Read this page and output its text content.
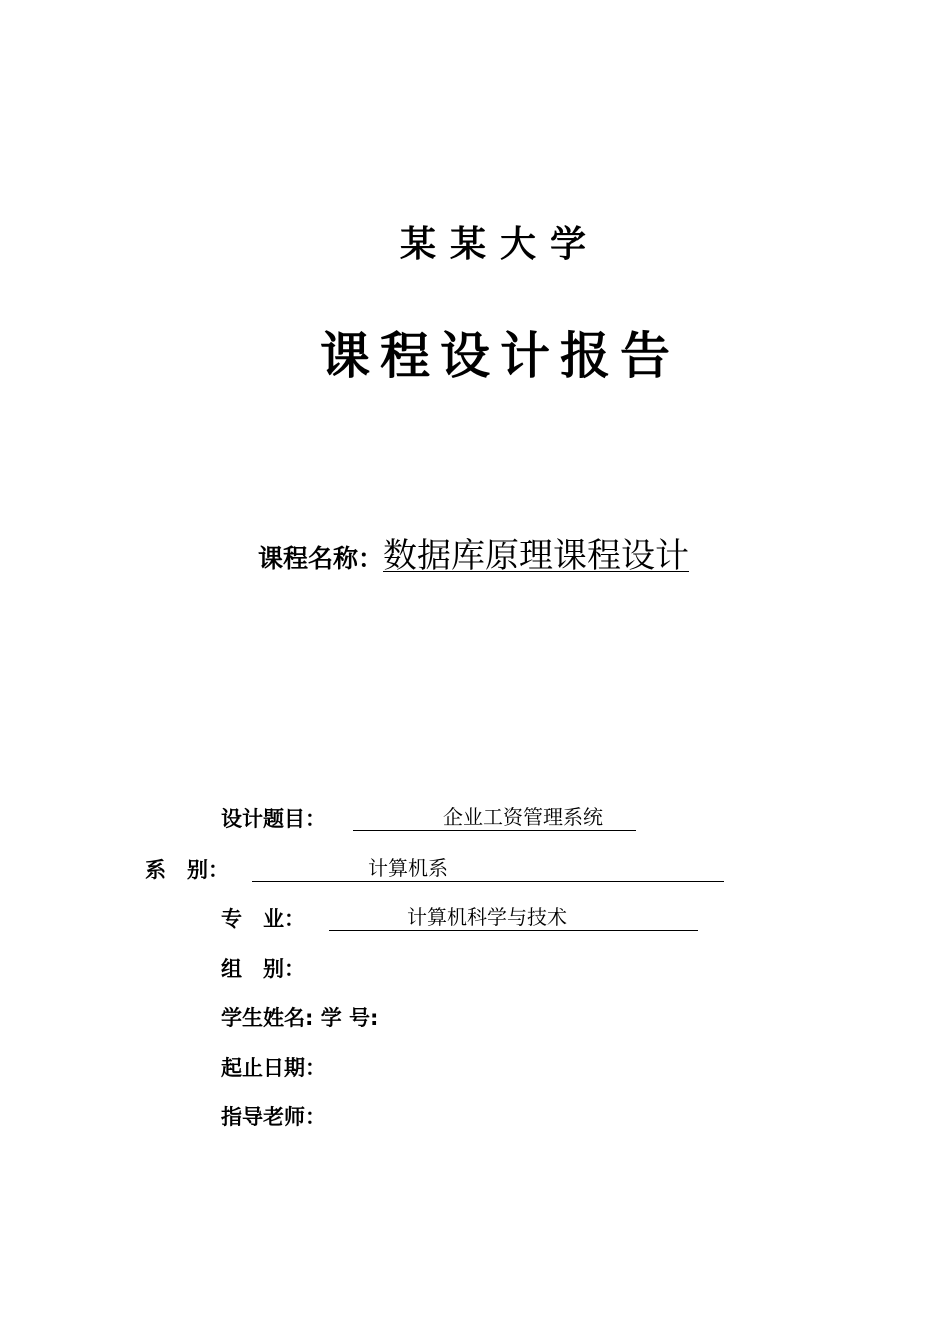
某某大学
课程设计报告
课程名称：数据库原理课程设计
设计题目：	企业工资管理系统
系　别：	计算机系
专　业：	计算机科学与技术
组　别：
学生姓名: 学 号:
起止日期：
指导老师：
